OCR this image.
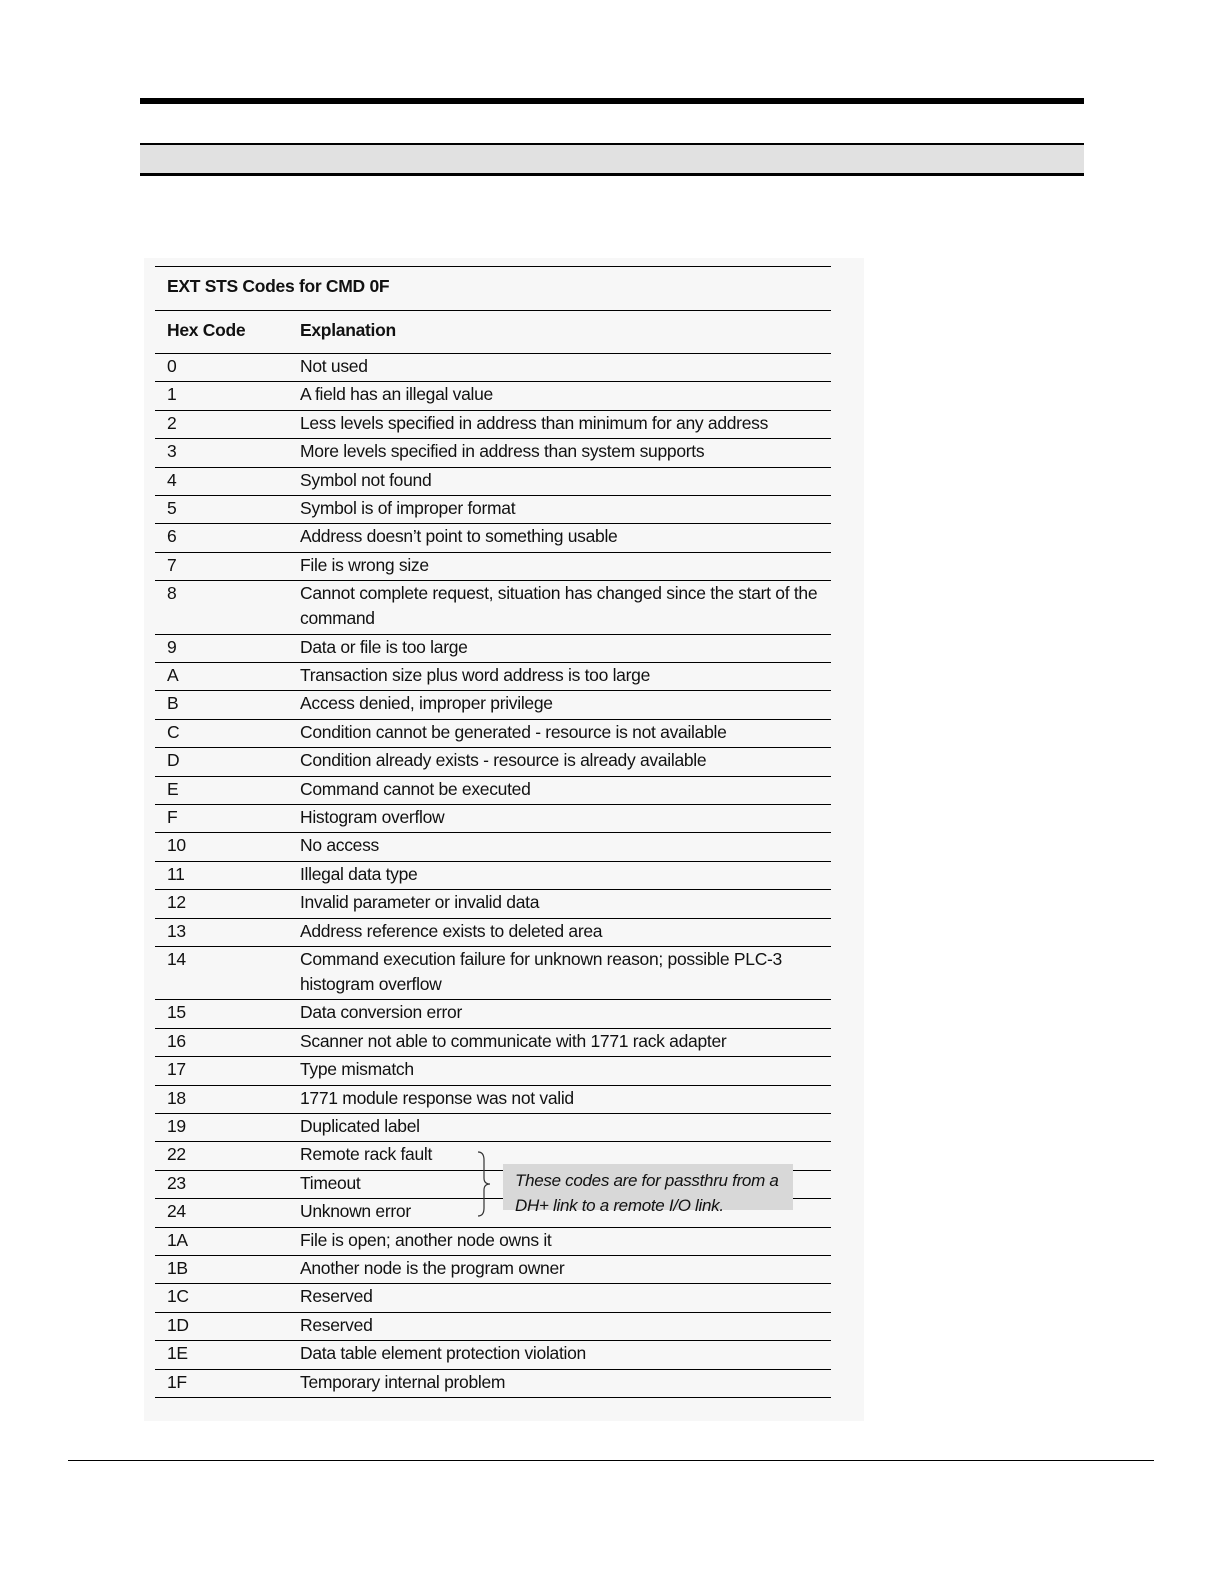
EXT STS Codes for CMD 0F
Hex Code	Explanation
0	Not used
1	A field has an illegal value
2	Less levels specified in address than minimum for any address
3	More levels specified in address than system supports
4	Symbol not found
5	Symbol is of improper format
6	Address doesn’t point to something usable
7	File is wrong size
8	Cannot complete request, situation has changed since the start of the
command
9	Data or file is too large
A	Transaction size plus word address is too large
B	Access denied, improper privilege
C	Condition cannot be generated - resource is not available
D	Condition already exists - resource is already available
E	Command cannot be executed
F	Histogram overflow
10	No access
11	Illegal data type
12	Invalid parameter or invalid data
13	Address reference exists to deleted area
14	Command execution failure for unknown reason; possible PLC-3
histogram overflow
15	Data conversion error
16	Scanner not able to communicate with 1771 rack adapter
17	Type mismatch
18	1771 module response was not valid
19	Duplicated label
22	Remote rack fault
23	Timeout
24	Unknown error
1A	File is open; another node owns it
1B	Another node is the program owner
1C	Reserved
1D	Reserved
1E	Data table element protection violation
1F	Temporary internal problem
These codes are for passthru from a
DH+ link to a remote I/O link.
